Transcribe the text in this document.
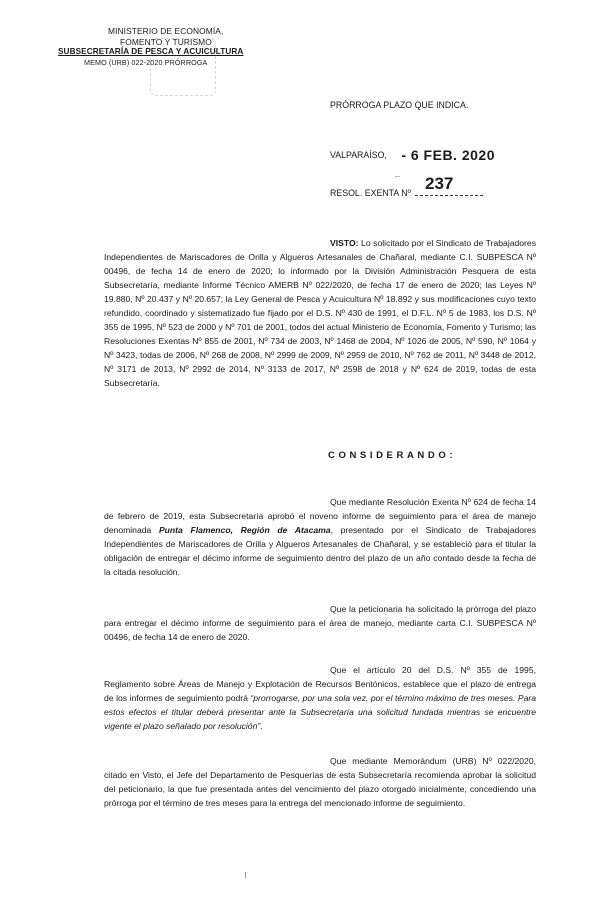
MINISTERIO DE ECONOMÍA,
FOMENTO Y TURISMO
SUBSECRETARÍA DE PESCA Y ACUICULTURA
MEMO (URB) 022-2020 PRÓRROGA
PRÓRROGA PLAZO QUE INDICA.
VALPARAÍSO, - 6 FEB. 2020
—
RESOL. EXENTA Nº 237
VISTO: Lo solicitado por el Sindicato de Trabajadores Independientes de Mariscadores de Orilla y Algueros Artesanales de Chañaral, mediante C.I. SUBPESCA Nº 00496, de fecha 14 de enero de 2020; lo informado por la División Administración Pesquera de esta Subsecretaría, mediante Informe Técnico AMERB Nº 022/2020, de fecha 17 de enero de 2020; las Leyes Nº 19.880, Nº 20.437 y Nº 20.657; la Ley General de Pesca y Acuicultura Nº 18.892 y sus modificaciones cuyo texto refundido, coordinado y sistematizado fue fijado por el D.S. Nº 430 de 1991, el D.F.L. Nº 5 de 1983, los D.S. Nº 355 de 1995, Nº 523 de 2000 y Nº 701 de 2001, todos del actual Ministerio de Economía, Fomento y Turismo; las Resoluciones Exentas Nº 855 de 2001, Nº 734 de 2003, Nº 1468 de 2004, Nº 1026 de 2005, Nº 590, Nº 1064 y Nº 3423, todas de 2006, Nº 268 de 2008, Nº 2999 de 2009, Nº 2959 de 2010, Nº 762 de 2011, Nº 3448 de 2012, Nº 3171 de 2013, Nº 2992 de 2014, Nº 3133 de 2017, Nº 2598 de 2018 y Nº 624 de 2019, todas de esta Subsecretaría.
CONSIDERANDO:
Que mediante Resolución Exenta Nº 624 de fecha 14 de febrero de 2019, esta Subsecretaría aprobó el noveno informe de seguimiento para el área de manejo denominada Punta Flamenco, Región de Atacama, presentado por el Sindicato de Trabajadores Independientes de Mariscadores de Orilla y Algueros Artesanales de Chañaral, y se estableció para el titular la obligación de entregar el décimo informe de seguimiento dentro del plazo de un año contado desde la fecha de la citada resolución.
Que la peticionaria ha solicitado la prórroga del plazo para entregar el décimo informe de seguimiento para el área de manejo, mediante carta C.I. SUBPESCA Nº 00496, de fecha 14 de enero de 2020.
Que el artículo 20 del D.S. Nº 355 de 1995, Reglamento sobre Áreas de Manejo y Explotación de Recursos Bentónicos, establece que el plazo de entrega de los informes de seguimiento podrá “prorrogarse, por una sola vez, por el término máximo de tres meses. Para estos efectos el titular deberá presentar ante la Subsecretaría una solicitud fundada mientras se encuentre vigente el plazo señalado por resolución”.
Que mediante Memorándum (URB) Nº 022/2020, citado en Visto, el Jefe del Departamento de Pesquerías de esta Subsecretaría recomienda aprobar la solicitud del peticionario, la que fue presentada antes del vencimiento del plazo otorgado inicialmente, concediendo una prórroga por el término de tres meses para la entrega del mencionado informe de seguimiento.
